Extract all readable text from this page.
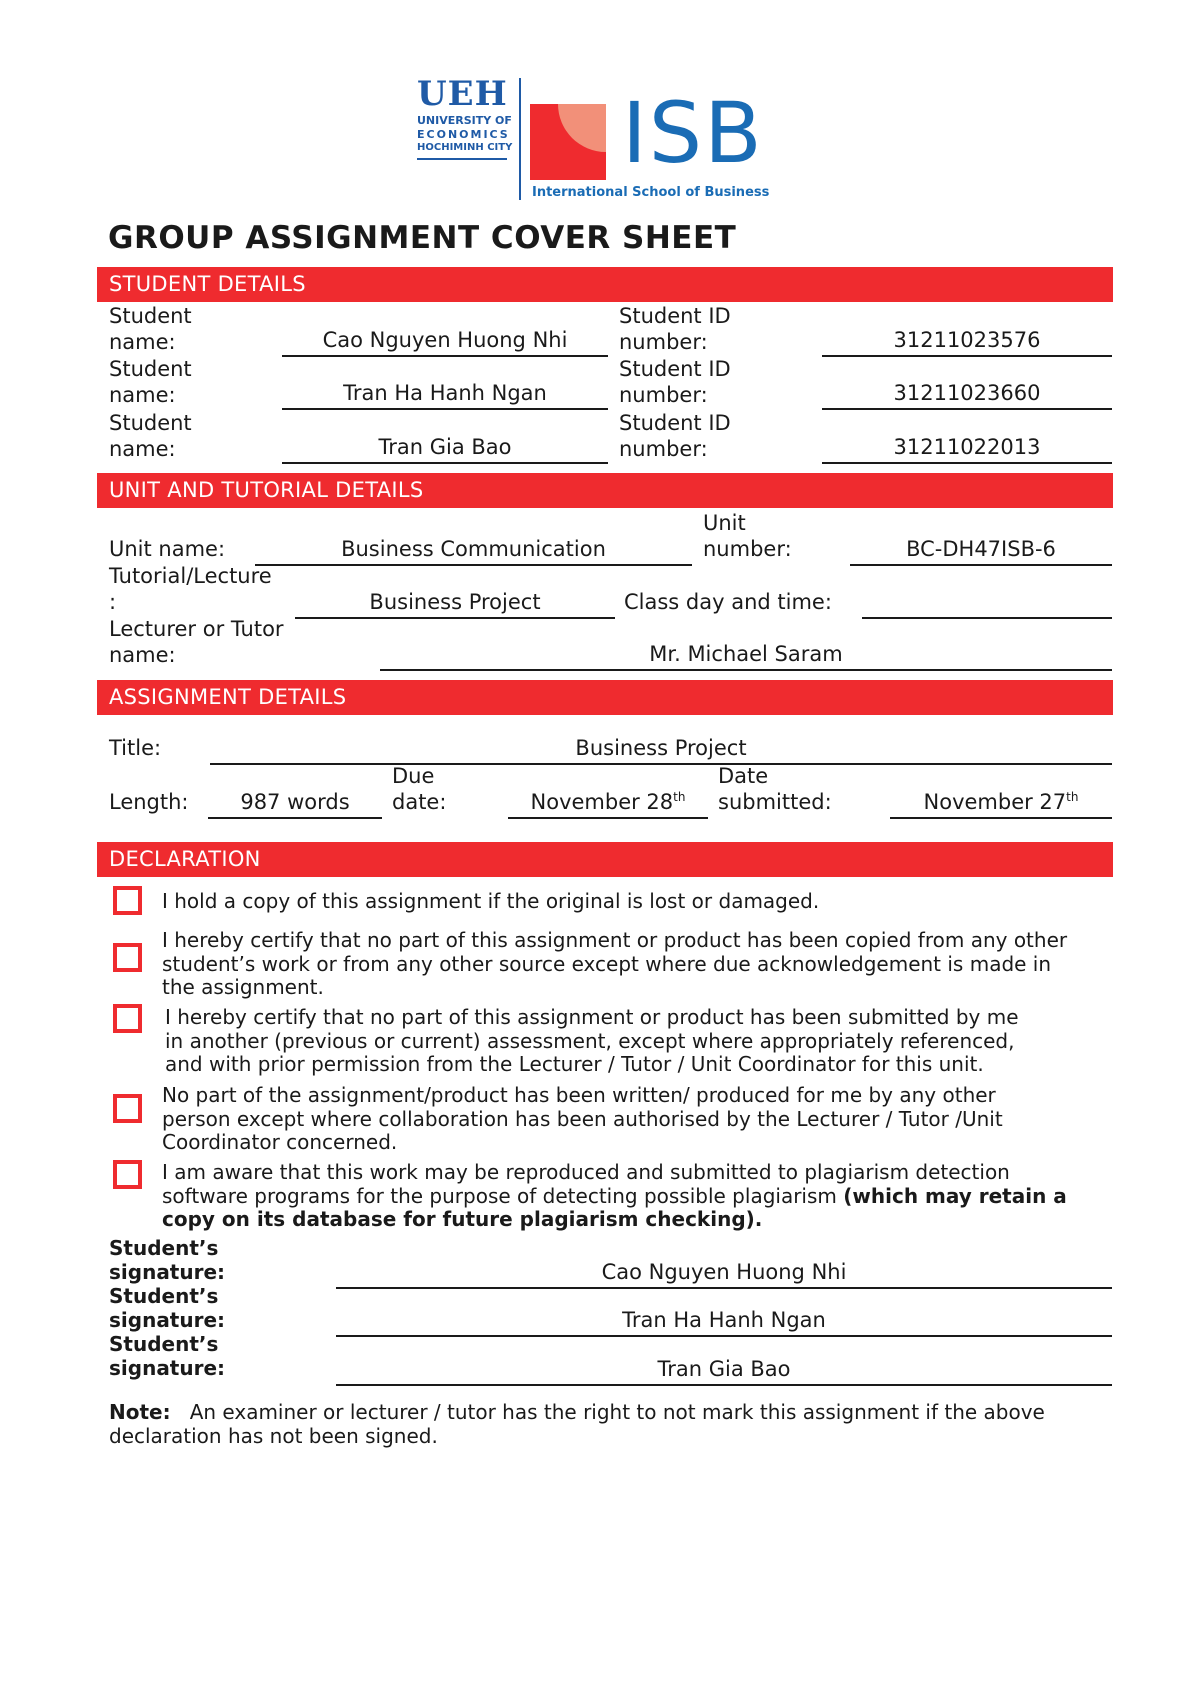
UEH
UNIVERSITY OF
ECONOMICS
HOCHIMINH CITY ISB
International School of Business
GROUP ASSIGNMENT COVER SHEET
STUDENT DETAILS
Student
name:	Cao Nguyen Huong Nhi
Student ID
number:	31211023576
Student
name:	Tran Ha Hanh Ngan
Student ID
number:	31211023660
Student
name:	Tran Gia Bao
Student ID
number:	31211022013
UNIT AND TUTORIAL DETAILS
Unit name:	Business Communication
Unit
number:	BC-DH47ISB-6
Tutorial/Lecture
:	Business Project	Class day and time:
Lecturer or Tutor
name:	Mr. Michael Saram
ASSIGNMENT DETAILS
Title:	Business Project
Length:	987 words
Due
date:	November 28th
Date
submitted:	November 27th
DECLARATION
I hold a copy of this assignment if the original is lost or damaged.
I hereby certify that no part of this assignment or product has been copied from any other
student’s work or from any other source except where due acknowledgement is made in
the assignment.
I hereby certify that no part of this assignment or product has been submitted by me
in another (previous or current) assessment, except where appropriately referenced,
and with prior permission from the Lecturer / Tutor / Unit Coordinator for this unit.
No part of the assignment/product has been written/ produced for me by any other
person except where collaboration has been authorised by the Lecturer / Tutor /Unit
Coordinator concerned.
I am aware that this work may be reproduced and submitted to plagiarism detection
software programs for the purpose of detecting possible plagiarism (which may retain a
copy on its database for future plagiarism checking).
Student’s
signature:	Cao Nguyen Huong Nhi
Student’s
signature:	Tran Ha Hanh Ngan
Student’s
signature:	Tran Gia Bao
Note: An examiner or lecturer / tutor has the right to not mark this assignment if the above
declaration has not been signed.
